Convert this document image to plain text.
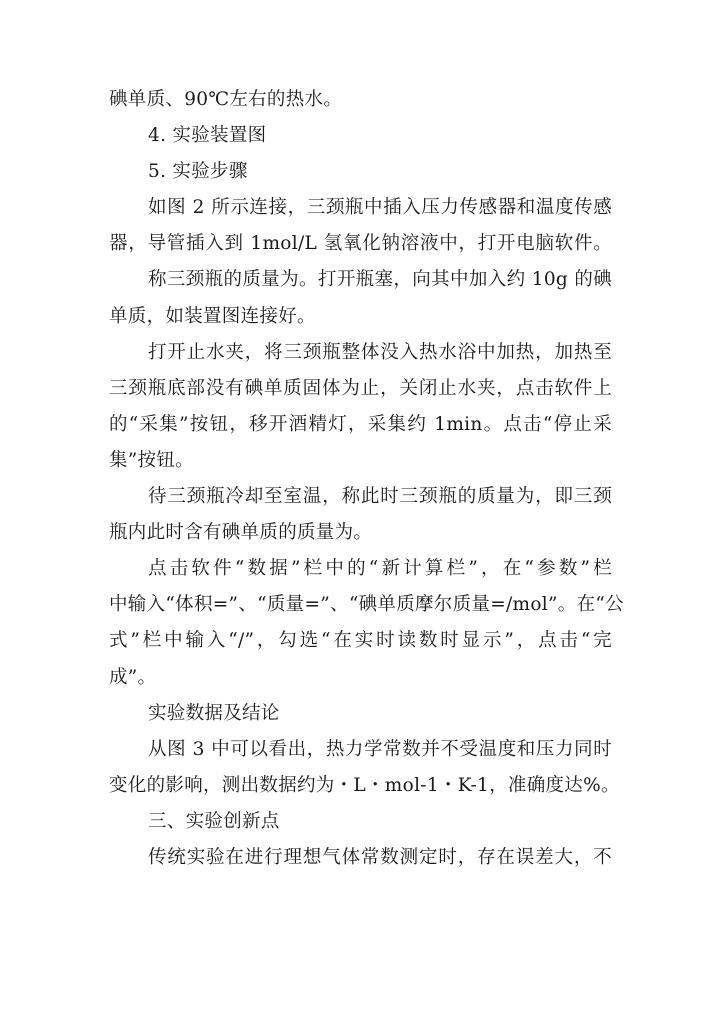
碘单质、90℃左右的热水。
4. 实验装置图
5. 实验步骤
如图 2 所示连接，三颈瓶中插入压力传感器和温度传感
器，导管插入到 1mol/L 氢氧化钠溶液中，打开电脑软件。
称三颈瓶的质量为。打开瓶塞，向其中加入约 10g 的碘
单质，如装置图连接好。
打开止水夹，将三颈瓶整体没入热水浴中加热，加热至
三颈瓶底部没有碘单质固体为止，关闭止水夹，点击软件上
的“采集”按钮，移开酒精灯，采集约 1min。点击“停止采
集”按钮。
待三颈瓶冷却至室温，称此时三颈瓶的质量为，即三颈
瓶内此时含有碘单质的质量为。
点击软件“数据”栏中的“新计算栏”，在“参数”栏
中输入“体积=”、“质量=”、“碘单质摩尔质量=/mol”。在“公
式”栏中输入“/”，勾选“在实时读数时显示”，点击“完
成”。
实验数据及结论
从图 3 中可以看出，热力学常数并不受温度和压力同时
变化的影响，测出数据约为・L・mol-1・K-1，准确度达%。
三、实验创新点
传统实验在进行理想气体常数测定时，存在误差大，不
